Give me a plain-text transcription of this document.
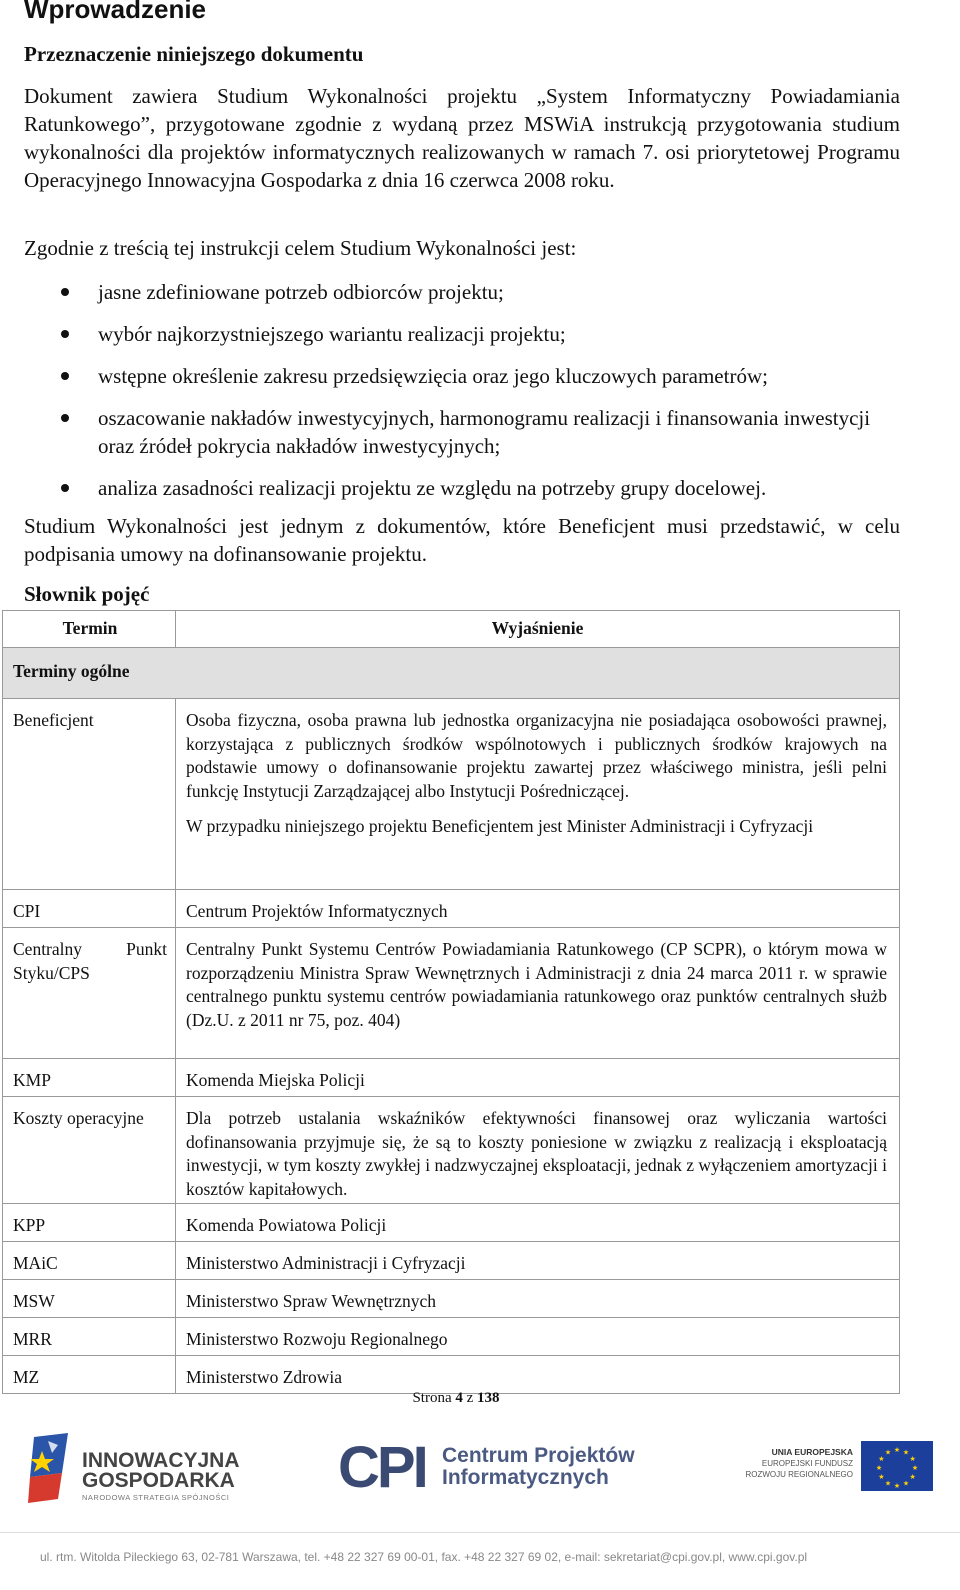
Wprowadzenie
Przeznaczenie niniejszego dokumentu

Dokument zawiera Studium Wykonalności projektu „System Informatyczny Powiadamiania Ratunkowego”, przygotowane zgodnie z wydaną przez MSWiA instrukcją przygotowania studium wykonalności dla projektów informatycznych realizowanych w ramach 7. osi priorytetowej Programu Operacyjnego Innowacyjna Gospodarka z dnia 16 czerwca 2008 roku.

Zgodnie z treścią tej instrukcji celem Studium Wykonalności jest:

jasne zdefiniowane potrzeb odbiorców projektu;
wybór najkorzystniejszego wariantu realizacji projektu;
wstępne określenie zakresu przedsięwzięcia oraz jego kluczowych parametrów;
oszacowanie nakładów inwestycyjnych, harmonogramu realizacji i finansowania inwestycji oraz źródeł pokrycia nakładów inwestycyjnych;
analiza zasadności realizacji projektu ze względu na potrzeby grupy docelowej.

Studium Wykonalności jest jednym z dokumentów, które Beneficjent musi przedstawić, w celu podpisania umowy na dofinansowanie projektu.

Słownik pojęć
Termin	Wyjaśnienie
Terminy ogólne	
Beneficjent	Osoba fizyczna, osoba prawna lub jednostka organizacyjna nie posiadająca osobowości prawnej, korzystająca z publicznych środków wspólnotowych i publicznych środków krajowych na podstawie umowy o dofinansowanie projektu zawartej przez właściwego ministra, jeśli pelni funkcję Instytucji Zarządzającej albo Instytucji Pośredniczącej.
W przypadku niniejszego projektu Beneficjentem jest Minister Administracji i Cyfryzacji

CPI	Centrum Projektów Informatycznych
Centralny Punkt Styku/CPS	Centralny Punkt Systemu Centrów Powiadamiania Ratunkowego (CP SCPR), o którym mowa w rozporządzeniu Ministra Spraw Wewnętrznych i Administracji z dnia 24 marca 2011 r. w sprawie centralnego punktu systemu centrów powiadamiania ratunkowego oraz punktów centralnych służb (Dz.U. z 2011 nr 75, poz. 404)
KMP	Komenda Miejska Policji
Koszty operacyjne	Dla potrzeb ustalania wskaźników efektywności finansowej oraz wyliczania wartości dofinansowania przyjmuje się, że są to koszty poniesione w związku z realizacją i eksploatacją inwestycji, w tym koszty zwykłej i nadzwyczajnej eksploatacji, jednak z wyłączeniem amortyzacji i kosztów kapitałowych.
KPP	Komenda Powiatowa Policji
MAiC	Ministerstwo Administracji i Cyfryzacji
MSW	Ministerstwo Spraw Wewnętrznych
MRR	Ministerstwo Rozwoju Regionalnego
MZ	Ministerstwo Zdrowia
Strona 4 z 138
INNOWACYJNA
GOSPODARKA
NARODOWA STRATEGIA SPÓJNOŚCI CPI Centrum Projektów
Informatycznych
UNIA EUROPEJSKA
EUROPEJSKI FUNDUSZ
ROZWOJU REGIONALNEGO
★ ★
★
★
★
★
★
★
★
★
★
★
ul. rtm. Witolda Pileckiego 63, 02-781 Warszawa, tel. +48 22 327 69 00-01, fax. +48 22 327 69 02, e-mail: sekretariat@cpi.gov.pl, www.cpi.gov.pl
